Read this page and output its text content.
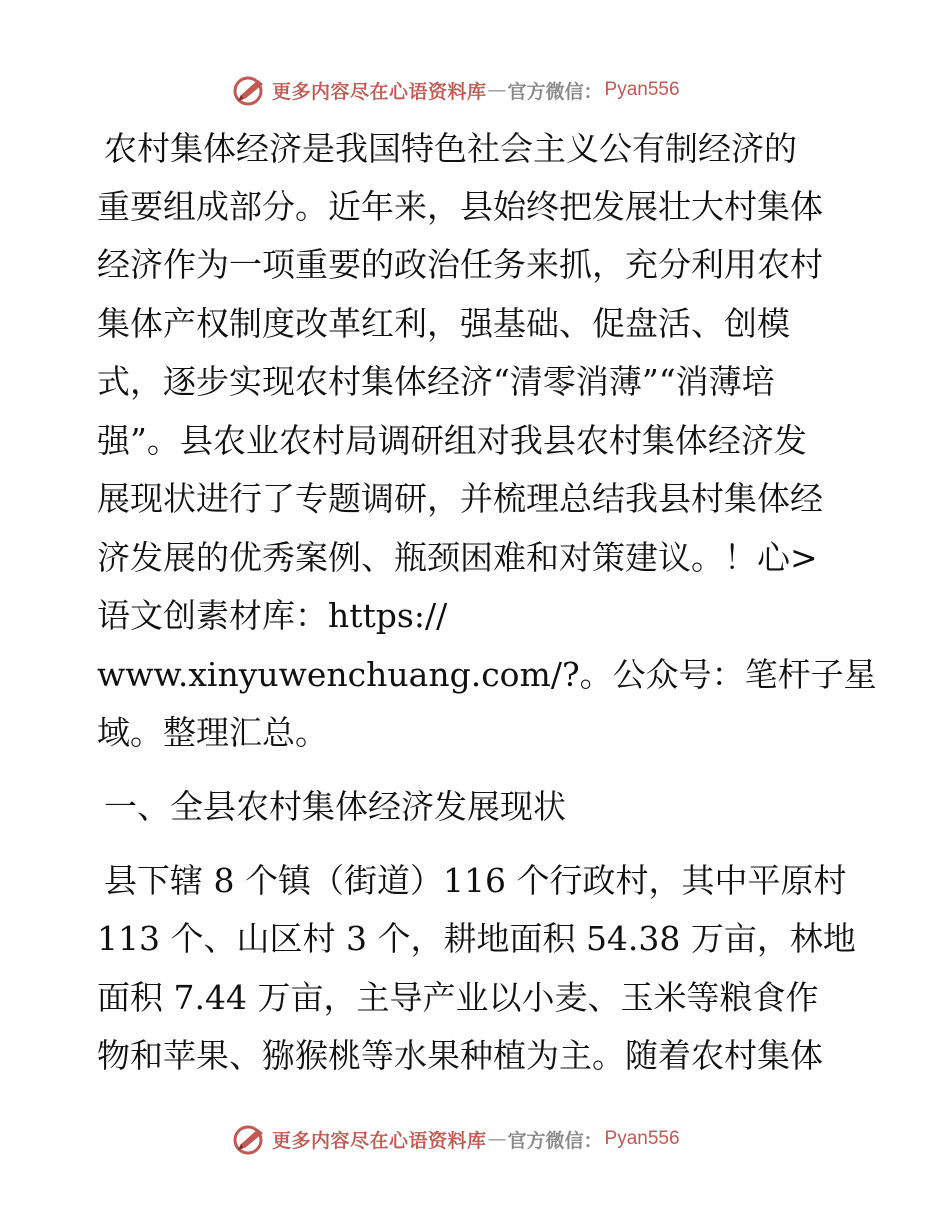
更多内容尽在心语资料库 — 官方微信： Pyan556
农村集体经济是我国特色社会主义公有制经济的
重要组成部分。近年来，县始终把发展壮大村集体
经济作为一项重要的政治任务来抓，充分利用农村
集体产权制度改革红利，强基础、促盘活、创模
式，逐步实现农村集体经济“清零消薄”“消薄培
强”。县农业农村局调研组对我县农村集体经济发
展现状进行了专题调研，并梳理总结我县村集体经
济发展的优秀案例、瓶颈困难和对策建议。！心>
语文创素材库：https://
www.xinyuwenchuang.com/?。公众号：笔杆子星
域。整理汇总。
一、全县农村集体经济发展现状
县下辖 8 个镇（街道）116 个行政村，其中平原村
113 个、山区村 3 个，耕地面积 54.38 万亩，林地
面积 7.44 万亩，主导产业以小麦、玉米等粮食作
物和苹果、猕猴桃等水果种植为主。随着农村集体
更多内容尽在心语资料库 — 官方微信： Pyan556
